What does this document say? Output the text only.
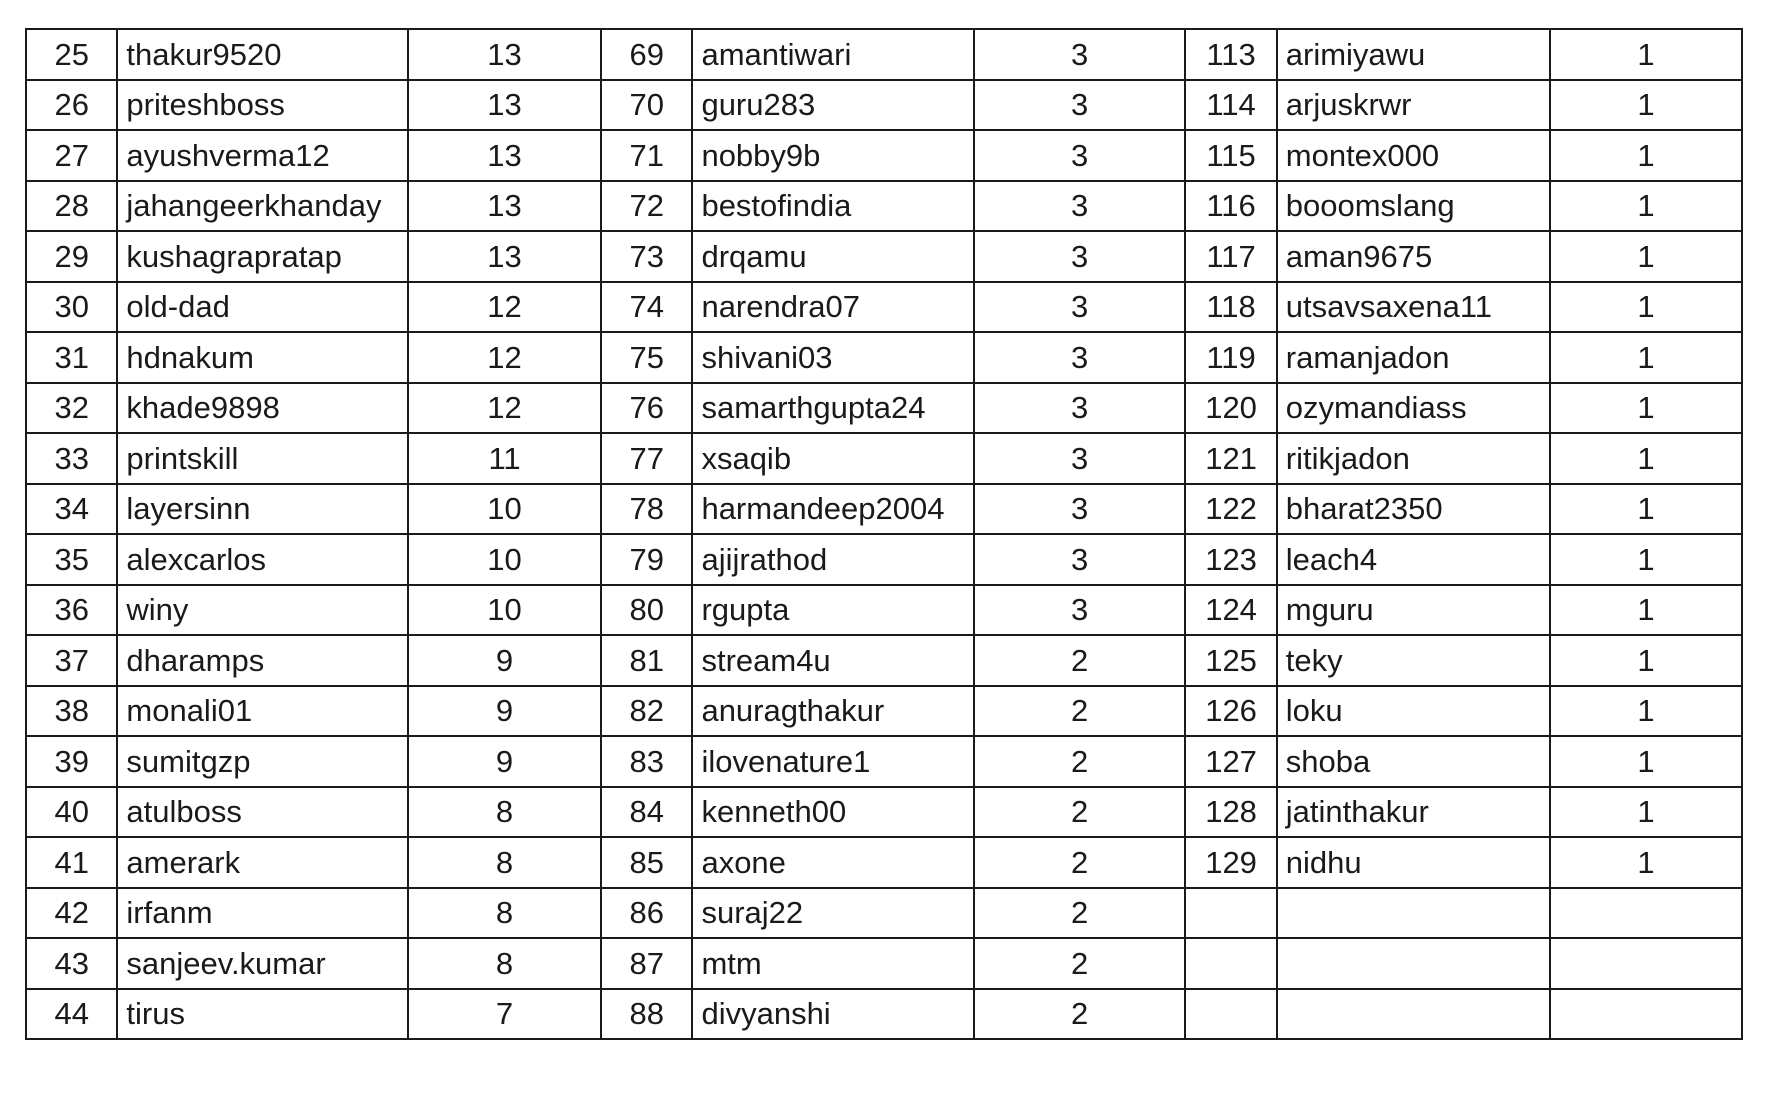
25	thakur9520	13	69	amantiwari	3	113	arimiyawu	1
26	priteshboss	13	70	guru283	3	114	arjuskrwr	1
27	ayushverma12	13	71	nobby9b	3	115	montex000	1
28	jahangeerkhanday	13	72	bestofindia	3	116	booomslang	1
29	kushagrapratap	13	73	drqamu	3	117	aman9675	1
30	old-dad	12	74	narendra07	3	118	utsavsaxena11	1
31	hdnakum	12	75	shivani03	3	119	ramanjadon	1
32	khade9898	12	76	samarthgupta24	3	120	ozymandiass	1
33	printskill	11	77	xsaqib	3	121	ritikjadon	1
34	layersinn	10	78	harmandeep2004	3	122	bharat2350	1
35	alexcarlos	10	79	ajijrathod	3	123	leach4	1
36	winy	10	80	rgupta	3	124	mguru	1
37	dharamps	9	81	stream4u	2	125	teky	1
38	monali01	9	82	anuragthakur	2	126	loku	1
39	sumitgzp	9	83	ilovenature1	2	127	shoba	1
40	atulboss	8	84	kenneth00	2	128	jatinthakur	1
41	amerark	8	85	axone	2	129	nidhu	1
42	irfanm	8	86	suraj22	2			
43	sanjeev.kumar	8	87	mtm	2			
44	tirus	7	88	divyanshi	2			
